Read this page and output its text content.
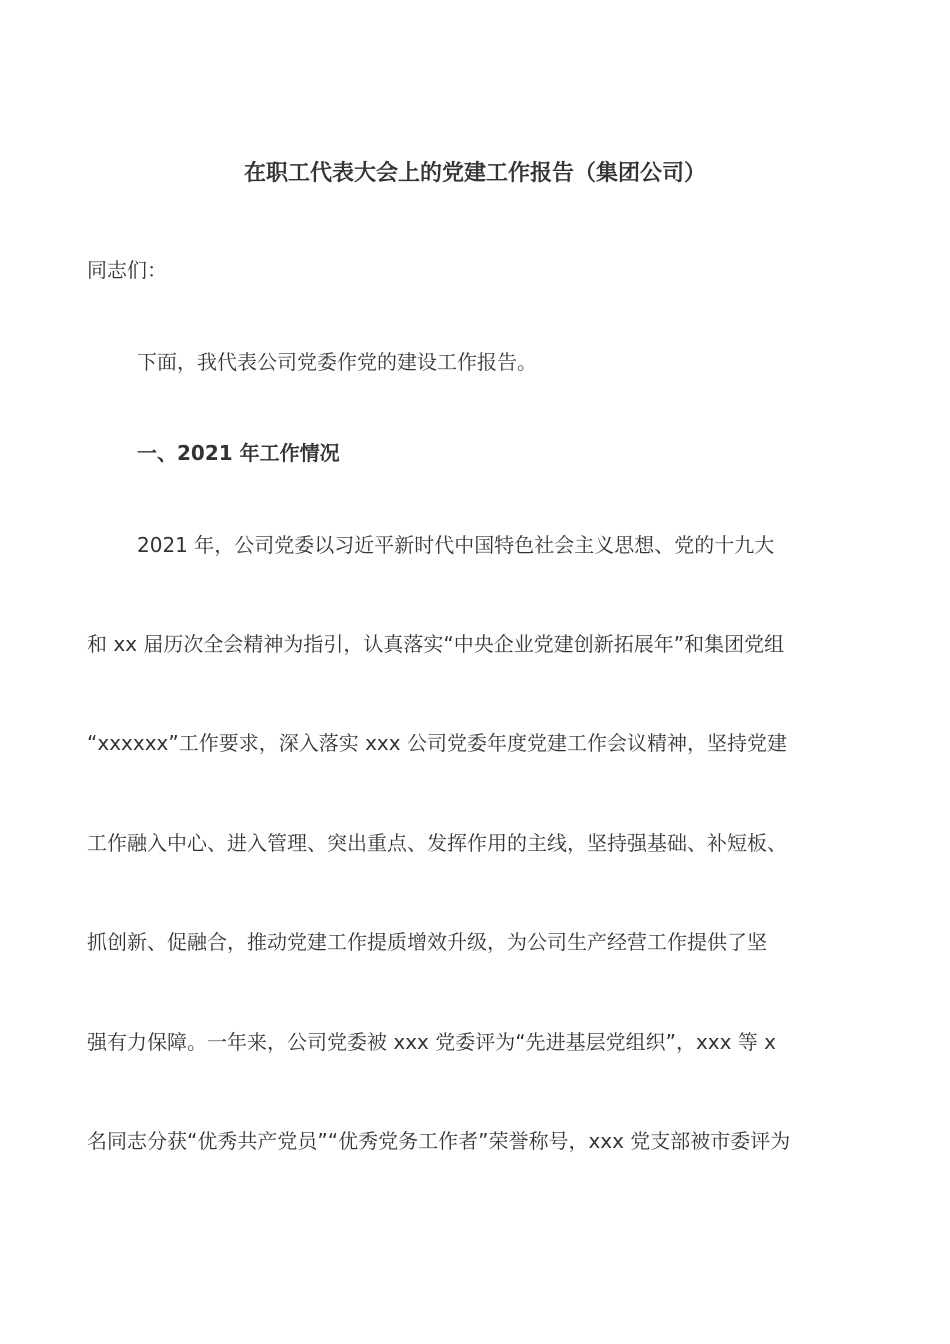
在职工代表大会上的党建工作报告（集团公司）
同志们：
下面，我代表公司党委作党的建设工作报告。
一、2021 年工作情况
2021 年，公司党委以习近平新时代中国特色社会主义思想、党的十九大
和 xx 届历次全会精神为指引，认真落实“中央企业党建创新拓展年”和集团党组
“xxxxxx”工作要求，深入落实 xxx 公司党委年度党建工作会议精神，坚持党建
工作融入中心、进入管理、突出重点、发挥作用的主线，坚持强基础、补短板、
抓创新、促融合，推动党建工作提质增效升级，为公司生产经营工作提供了坚
强有力保障。一年来，公司党委被 xxx 党委评为“先进基层党组织”，xxx 等 x
名同志分获“优秀共产党员”“优秀党务工作者”荣誉称号，xxx 党支部被市委评为
